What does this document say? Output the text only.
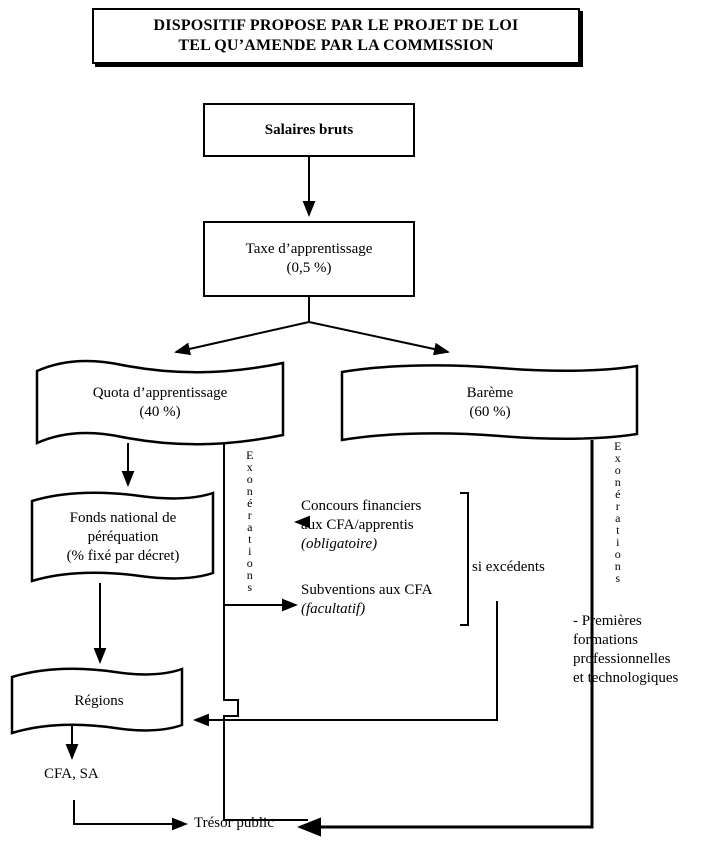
DISPOSITIF PROPOSE PAR LE PROJET DE LOI
TEL QU’AMENDE PAR LA COMMISSION
Salaires bruts
Taxe d’apprentissage
(0,5 %)
Quota d’apprentissage
(40 %)
Barème
(60 %)
Fonds national de
péréquation
(% fixé par décret)
Régions
Concours financiers
aux CFA/apprentis
(obligatoire)
Subventions aux CFA
(facultatif)
si excédents
- Premières
formations
professionnelles
et technologiques
CFA, SA
Trésor public
E
x
o
n
é
r
a
t
i
o
n
s
E
x
o
n
é
r
a
t
i
o
n
s
